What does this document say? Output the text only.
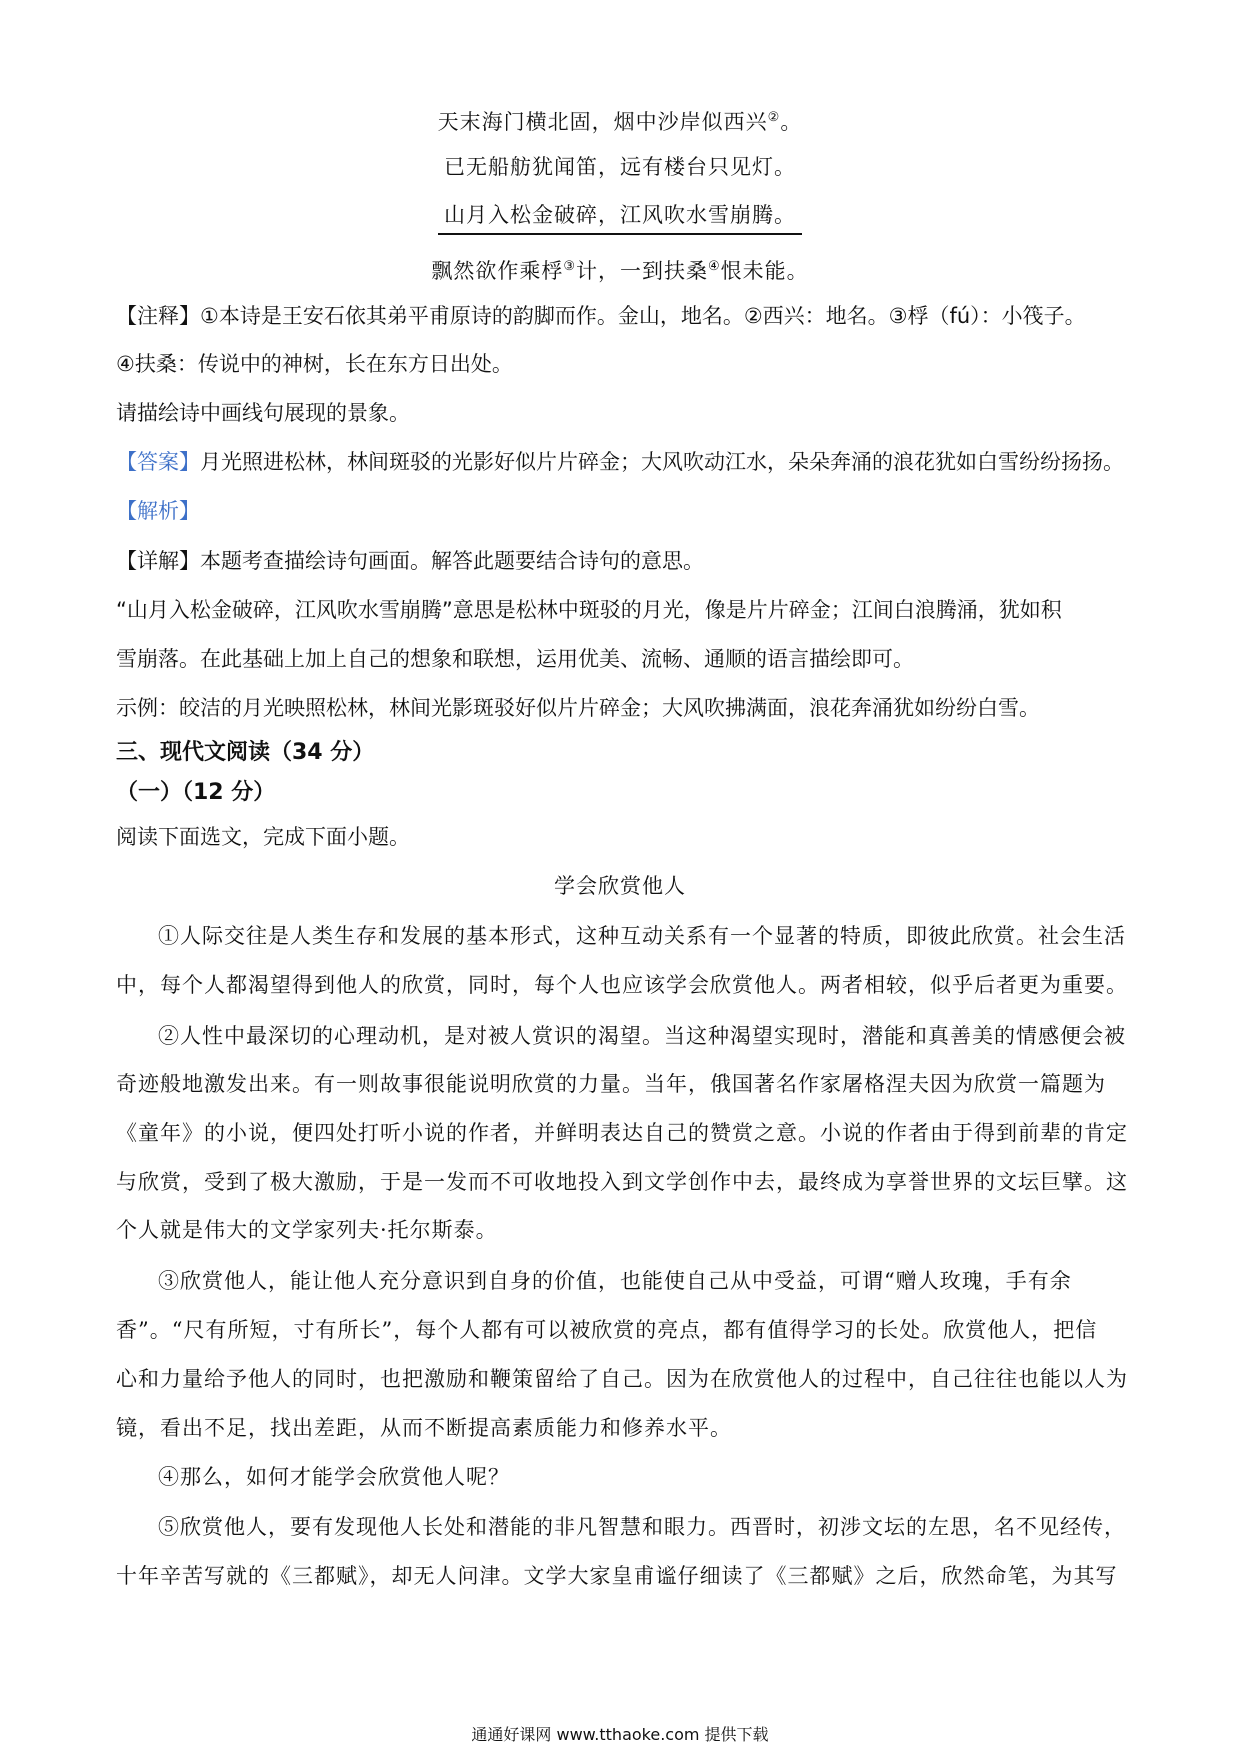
天末海门横北固，烟中沙岸似西兴②。
已无船舫犹闻笛，远有楼台只见灯。
山月入松金破碎，江风吹水雪崩腾。
飘然欲作乘桴③计，一到扶桑④恨未能。
【注释】①本诗是王安石依其弟平甫原诗的韵脚而作。金山，地名。②西兴：地名。③桴（fú）：小筏子。
④扶桑：传说中的神树，长在东方日出处。
请描绘诗中画线句展现的景象。
【答案】月光照进松林，林间斑驳的光影好似片片碎金；大风吹动江水，朵朵奔涌的浪花犹如白雪纷纷扬扬。
【解析】
【详解】本题考查描绘诗句画面。解答此题要结合诗句的意思。
“山月入松金破碎，江风吹水雪崩腾”意思是松林中斑驳的月光，像是片片碎金；江间白浪腾涌，犹如积
雪崩落。在此基础上加上自己的想象和联想，运用优美、流畅、通顺的语言描绘即可。
示例：皎洁的月光映照松林，林间光影斑驳好似片片碎金；大风吹拂满面，浪花奔涌犹如纷纷白雪。
三、现代文阅读（34 分）
（一）（12 分）
阅读下面选文，完成下面小题。
学会欣赏他人
①人际交往是人类生存和发展的基本形式，这种互动关系有一个显著的特质，即彼此欣赏。社会生活
中，每个人都渴望得到他人的欣赏，同时，每个人也应该学会欣赏他人。两者相较，似乎后者更为重要。
②人性中最深切的心理动机，是对被人赏识的渴望。当这种渴望实现时，潜能和真善美的情感便会被
奇迹般地激发出来。有一则故事很能说明欣赏的力量。当年，俄国著名作家屠格涅夫因为欣赏一篇题为
《童年》的小说，便四处打听小说的作者，并鲜明表达自己的赞赏之意。小说的作者由于得到前辈的肯定
与欣赏，受到了极大激励，于是一发而不可收地投入到文学创作中去，最终成为享誉世界的文坛巨擘。这
个人就是伟大的文学家列夫·托尔斯泰。
③欣赏他人，能让他人充分意识到自身的价值，也能使自己从中受益，可谓“赠人玫瑰，手有余
香”。“尺有所短，寸有所长”，每个人都有可以被欣赏的亮点，都有值得学习的长处。欣赏他人，把信
心和力量给予他人的同时，也把激励和鞭策留给了自己。因为在欣赏他人的过程中，自己往往也能以人为
镜，看出不足，找出差距，从而不断提高素质能力和修养水平。
④那么，如何才能学会欣赏他人呢？
⑤欣赏他人，要有发现他人长处和潜能的非凡智慧和眼力。西晋时，初涉文坛的左思，名不见经传，
十年辛苦写就的《三都赋》，却无人问津。文学大家皇甫谧仔细读了《三都赋》之后，欣然命笔，为其写
通通好课网 www.tthaoke.com 提供下载
